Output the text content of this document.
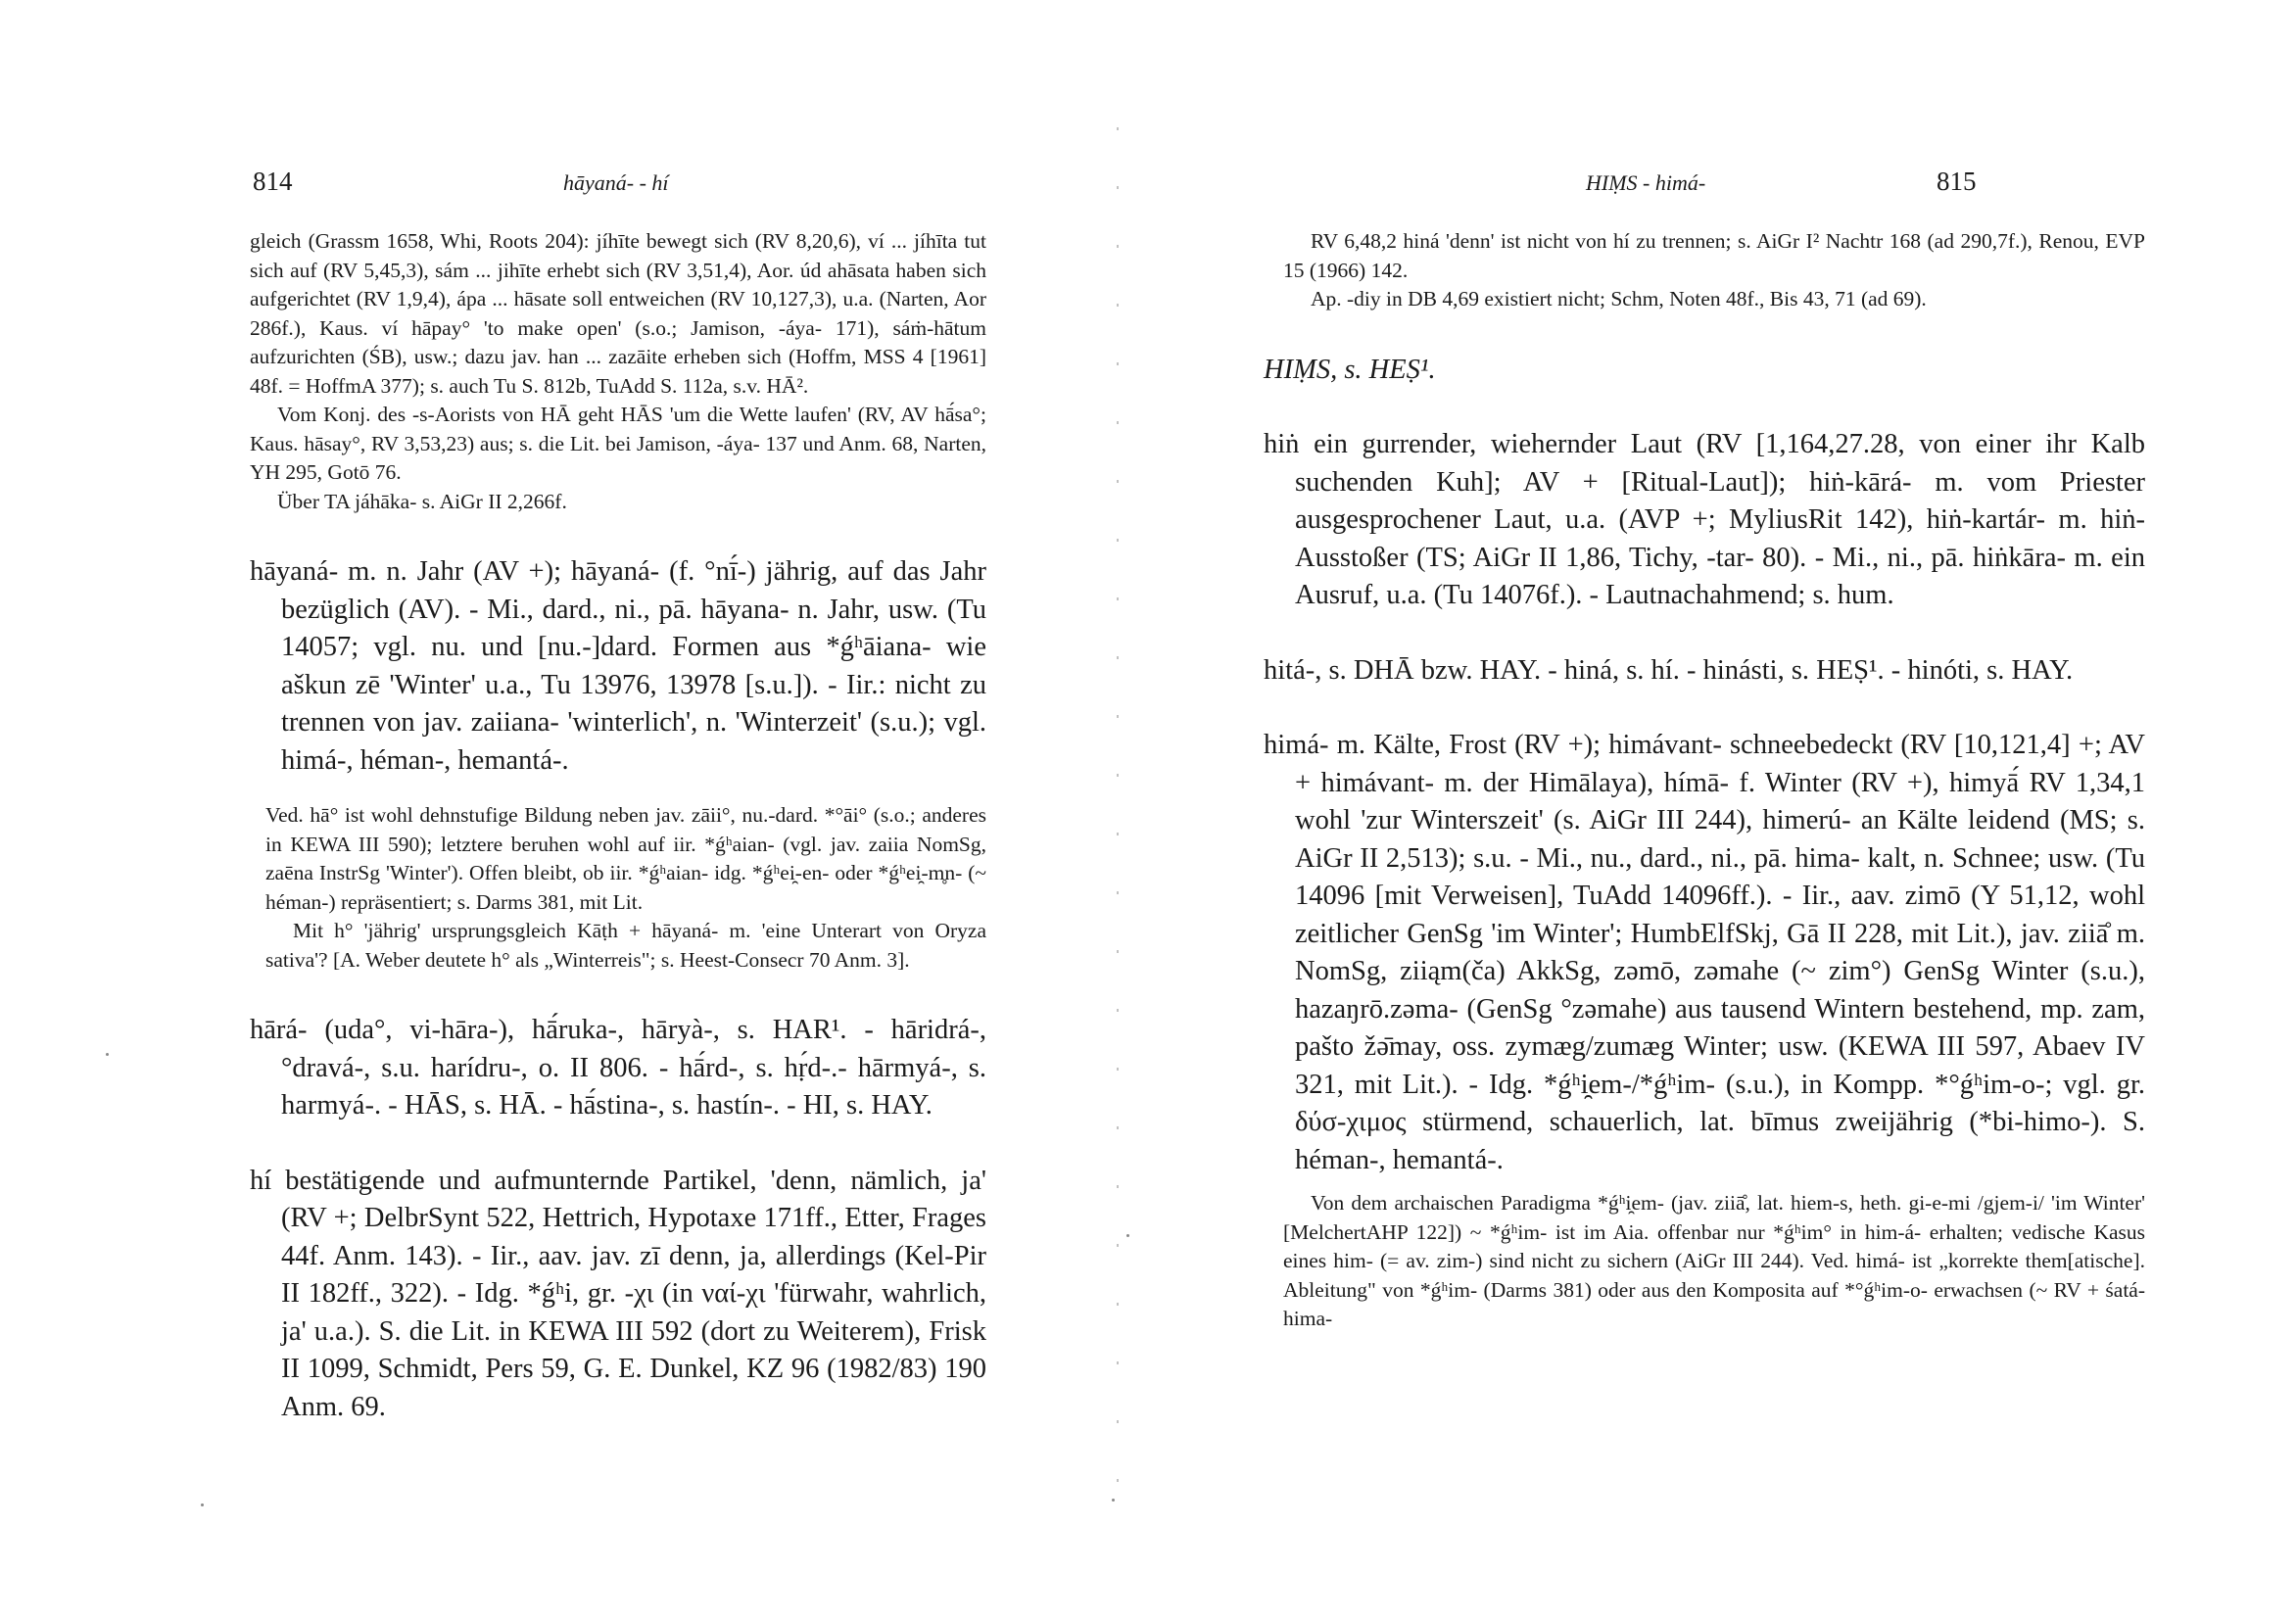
814	hāyaná- - hí

gleich (Grassm 1658, Whi, Roots 204): jíhīte bewegt sich (RV 8,20,6), ví ... jíhīta tut sich auf (RV 5,45,3), sám ... jihīte erhebt sich (RV 3,51,4), Aor. úd ahāsata haben sich aufgerichtet (RV 1,9,4), ápa ... hāsate soll entweichen (RV 10,127,3), u.a. (Narten, Aor 286f.), Kaus. ví hāpay° 'to make open' (s.o.; Jamison, -áya- 171), sáṁ-hātum aufzurichten (ŚB), usw.; dazu jav. han ... zazāite erheben sich (Hoffm, MSS 4 [1961] 48f. = HoffmA 377); s. auch Tu S. 812b, TuAdd S. 112a, s.v. HĀ².

Vom Konj. des -s-Aorists von HĀ geht HĀS 'um die Wette laufen' (RV, AV hā́sa°; Kaus. hāsay°, RV 3,53,23) aus; s. die Lit. bei Jamison, -áya- 137 und Anm. 68, Narten, YH 295, Gotō 76.

Über TA jáhāka- s. AiGr II 2,266f.

hāyaná- m. n. Jahr (AV +); hāyaná- (f. °nī́-) jährig, auf das Jahr bezüglich (AV). - Mi., dard., ni., pā. hāyana- n. Jahr, usw. (Tu 14057; vgl. nu. und [nu.-]dard. Formen aus *ǵʰāiana- wie aškun zē 'Winter' u.a., Tu 13976, 13978 [s.u.]). - Iir.: nicht zu trennen von jav. zaiiana- 'winterlich', n. 'Winterzeit' (s.u.); vgl. himá-, héman-, hemantá-.

Ved. hā° ist wohl dehnstufige Bildung neben jav. zāii°, nu.-dard. *°āi° (s.o.; anderes in KEWA III 590); letztere beruhen wohl auf iir. *ǵʰaian- (vgl. jav. zaiia NomSg, zaēna InstrSg 'Winter'). Offen bleibt, ob iir. *ǵʰaian- idg. *ǵʰei̯-en- oder *ǵʰei̯-m̥n- (~ héman-) repräsentiert; s. Darms 381, mit Lit.

Mit h° 'jährig' ursprungsgleich Kāṭh + hāyaná- m. 'eine Unterart von Oryza sativa'? [A. Weber deutete h° als „Winterreis"; s. Heest-Consecr 70 Anm. 3].

hārá- (uda°, vi-hāra-), hā́ruka-, hāryà-, s. HAR¹. - hāridrá-, °dravá-, s.u. harídru-, o. II 806. - hā́rd-, s. hṛ́d-.- hārmyá-, s. harmyá-. - HĀS, s. HĀ. - hā́stina-, s. hastín-. - HI, s. HAY.

hí bestätigende und aufmunternde Partikel, 'denn, nämlich, ja' (RV +; DelbrSynt 522, Hettrich, Hypotaxe 171ff., Etter, Frages 44f. Anm. 143). - Iir., aav. jav. zī denn, ja, allerdings (Kel-Pir II 182ff., 322). - Idg. *ǵʰi, gr. -χι (in ναί-χι 'fürwahr, wahrlich, ja' u.a.). S. die Lit. in KEWA III 592 (dort zu Weiterem), Frisk II 1099, Schmidt, Pers 59, G. E. Dunkel, KZ 96 (1982/83) 190 Anm. 69.

HIṂS - himá-	815

RV 6,48,2 hiná 'denn' ist nicht von hí zu trennen; s. AiGr I² Nachtr 168 (ad 290,7f.), Renou, EVP 15 (1966) 142.

Ap. -diy in DB 4,69 existiert nicht; Schm, Noten 48f., Bis 43, 71 (ad 69).

HIṂS, s. HEṢ¹.

hiṅ ein gurrender, wiehernder Laut (RV [1,164,27.28, von einer ihr Kalb suchenden Kuh]; AV + [Ritual-Laut]); hiṅ-kārá- m. vom Priester ausgesprochener Laut, u.a. (AVP +; MyliusRit 142), hiṅ-kartár- m. hiṅ-Ausstoßer (TS; AiGr II 1,86, Tichy, -tar- 80). - Mi., ni., pā. hiṅkāra- m. ein Ausruf, u.a. (Tu 14076f.). - Lautnachahmend; s. hum.

hitá-, s. DHĀ bzw. HAY. - hiná, s. hí. - hinásti, s. HEṢ¹. - hinóti, s. HAY.

himá- m. Kälte, Frost (RV +); himávant- schneebedeckt (RV [10,121,4] +; AV + himávant- m. der Himālaya), hímā- f. Winter (RV +), himyā́ RV 1,34,1 wohl 'zur Winterszeit' (s. AiGr III 244), himerú- an Kälte leidend (MS; s. AiGr II 2,513); s.u. - Mi., nu., dard., ni., pā. hima- kalt, n. Schnee; usw. (Tu 14096 [mit Verweisen], TuAdd 14096ff.). - Iir., aav. zimō (Y 51,12, wohl zeitlicher GenSg 'im Winter'; HumbElfSkj, Gā II 228, mit Lit.), jav. ziiā̊ m. NomSg, ziiąm(ča) AkkSg, zəmō, zəmahe (~ zim°) GenSg Winter (s.u.), hazaŋrō.zəma- (GenSg °zəmahe) aus tausend Wintern bestehend, mp. zam, pašto žə̄may, oss. zymæg/zumæg Winter; usw. (KEWA III 597, Abaev IV 321, mit Lit.). - Idg. *ǵʰi̯em-/*ǵʰim- (s.u.), in Kompp. *°ǵʰim-o-; vgl. gr. δύσ-χιμος stürmend, schauerlich, lat. bīmus zweijährig (*bi-himo-). S. héman-, hemantá-.

Von dem archaischen Paradigma *ǵʰi̯em- (jav. ziiā̊, lat. hiem-s, heth. gi-e-mi /gjem-i/ 'im Winter' [MelchertAHP 122]) ~ *ǵʰim- ist im Aia. offenbar nur *ǵʰim° in him-á- erhalten; vedische Kasus eines him- (= av. zim-) sind nicht zu sichern (AiGr III 244). Ved. himá- ist „korrekte them[atische]. Ableitung" von *ǵʰim- (Darms 381) oder aus den Komposita auf *°ǵʰim-o- erwachsen (~ RV + śatá-hima-
